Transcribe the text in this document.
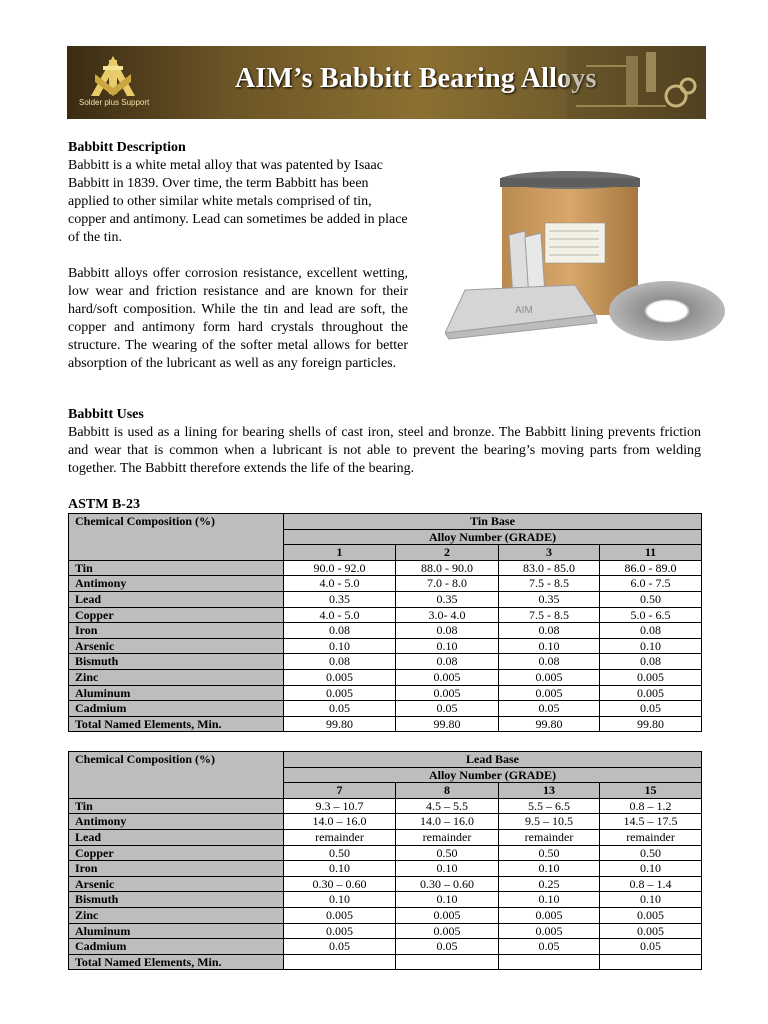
Solder plus Support
AIM’s Babbitt Bearing Alloys
Babbitt Description
Babbitt is a white metal alloy that was patented by Isaac Babbitt in 1839. Over time, the term Babbitt has been applied to other similar white metals comprised of tin, copper and antimony. Lead can sometimes be added in place of the tin.
Babbitt alloys offer corrosion resistance, excellent wetting, low wear and friction resistance and are known for their hard/soft composition. While the tin and lead are soft, the copper and antimony form hard crystals throughout the structure. The wearing of the softer metal allows for better absorption of the lubricant as well as any foreign particles.
AIM
Babbitt Uses
Babbitt is used as a lining for bearing shells of cast iron, steel and bronze. The Babbitt lining prevents friction and wear that is common when a lubricant is not able to prevent the bearing’s moving parts from welding together. The Babbitt therefore extends the life of the bearing.
ASTM B-23
Chemical Composition (%)	Tin Base			
	Alloy Number (GRADE)			
	1	2	3	11
Tin	90.0 - 92.0	88.0 - 90.0	83.0 - 85.0	86.0 - 89.0
Antimony	4.0 - 5.0	7.0 - 8.0	7.5 - 8.5	6.0 - 7.5
Lead	0.35	0.35	0.35	0.50
Copper	4.0 - 5.0	3.0- 4.0	7.5 - 8.5	5.0 - 6.5
Iron	0.08	0.08	0.08	0.08
Arsenic	0.10	0.10	0.10	0.10
Bismuth	0.08	0.08	0.08	0.08
Zinc	0.005	0.005	0.005	0.005
Aluminum	0.005	0.005	0.005	0.005
Cadmium	0.05	0.05	0.05	0.05
Total Named Elements, Min.	99.80	99.80	99.80	99.80
Chemical Composition (%)	Lead Base			
	Alloy Number (GRADE)			
	7	8	13	15
Tin	9.3 – 10.7	4.5 – 5.5	5.5 – 6.5	0.8 – 1.2
Antimony	14.0 – 16.0	14.0 – 16.0	9.5 – 10.5	14.5 – 17.5
Lead	remainder	remainder	remainder	remainder
Copper	0.50	0.50	0.50	0.50
Iron	0.10	0.10	0.10	0.10
Arsenic	0.30 – 0.60	0.30 – 0.60	0.25	0.8 – 1.4
Bismuth	0.10	0.10	0.10	0.10
Zinc	0.005	0.005	0.005	0.005
Aluminum	0.005	0.005	0.005	0.005
Cadmium	0.05	0.05	0.05	0.05
Total Named Elements, Min.				
